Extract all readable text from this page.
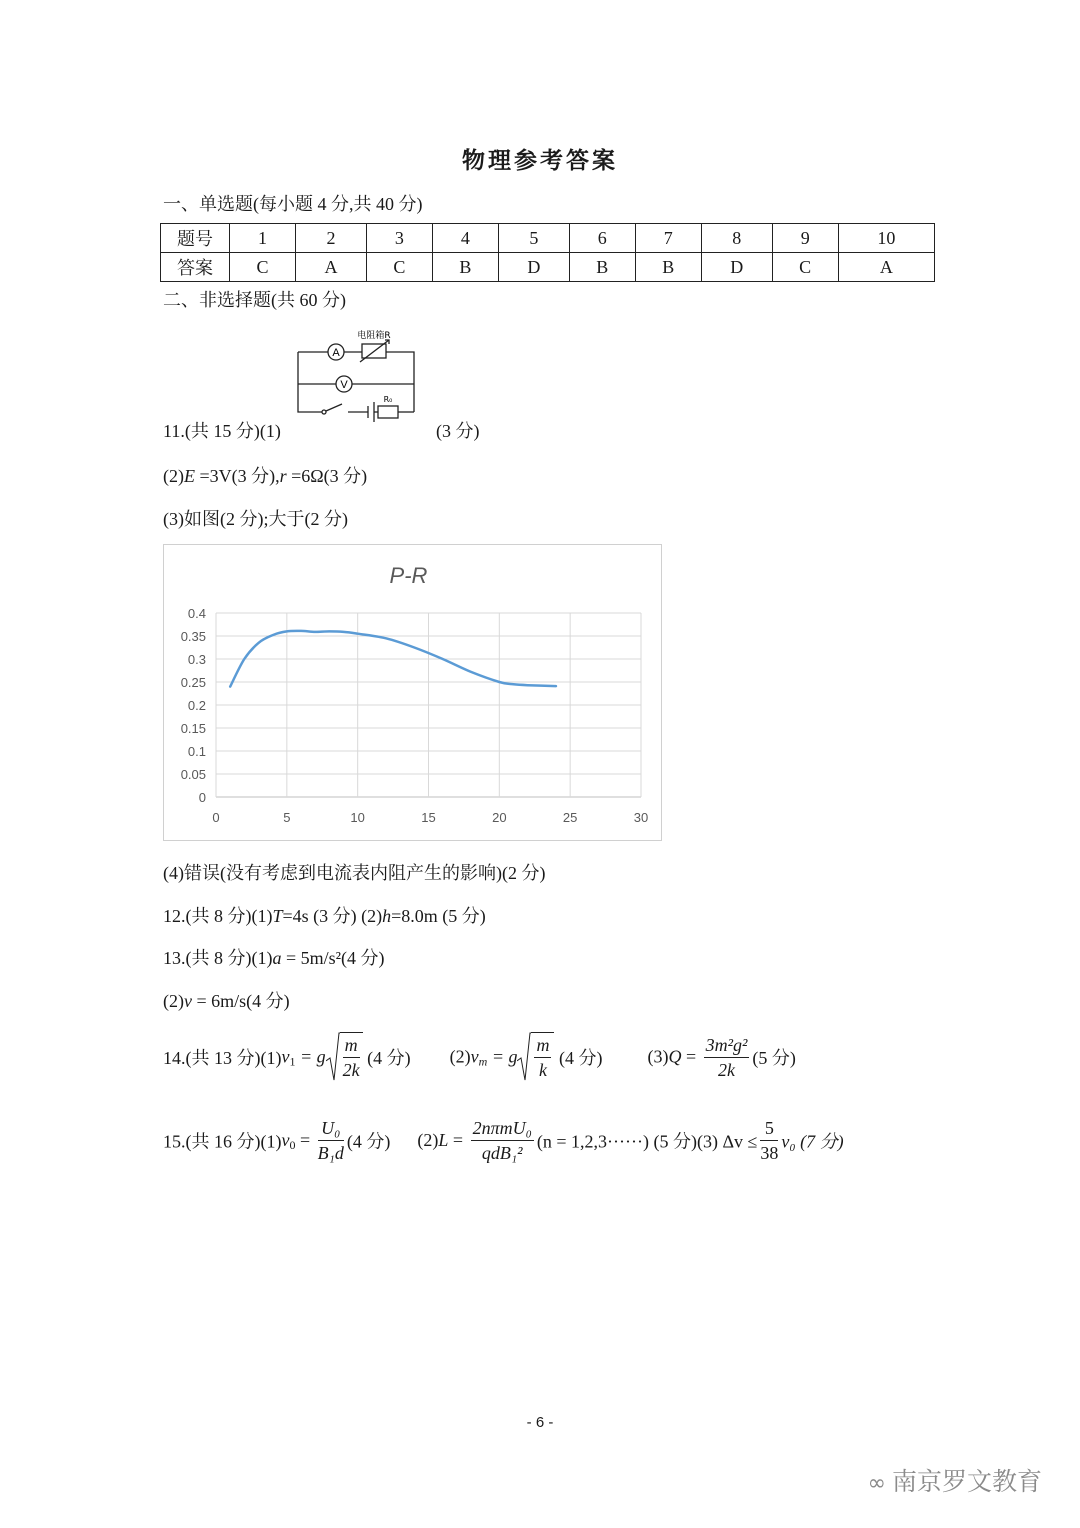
物理参考答案
一、单选题(每小题 4 分,共 40 分)
题号	1	2	3	4	5	6	7	8	9	10
答案	C	A	C	B	D	B	B	D	C	A
二、非选择题(共 60 分)
A
V
电阻箱R
R₀
11.(共 15 分)(1)	(3 分)
(2)E =3V(3 分),r =6Ω(3 分)
(3)如图(2 分);大于(2 分)
P-R
0
0.05
0.1
0.15
0.2
0.25
0.3
0.35
0.4
0	5	10	15	20	25	30
(4)错误(没有考虑到电流表内阻产生的影响)(2 分)
12.(共 8 分)(1)T=4s (3 分) (2)h=8.0m (5 分)
13.(共 8 分)(1)a = 5m/s²(4 分)
(2)v = 6m/s(4 分)
14.(共 13 分)$(1)v_1 = g \frac{m}{2k} (4$ 分) $(2)v_m = g \frac{m}{k} (4$ 分)	$(3)Q = \frac{\text{3m²g²}}{2k} (5$ 分)
15.(共 16 分)$(1)v_0 = \frac{\text{U₀}}{\text{B₁d}} (4$ 分) $(2)L = \frac{\text{2nπmU₀}}{\text{qdB₁²}} (n = 1,2,3\cdot\cdot\cdot\cdot\cdot\cdot)$ (5 分)(3) $\Delta v \le \frac{5}{38} v_0$ (7 分)
- 6 -
∞ 南京罗文教育
